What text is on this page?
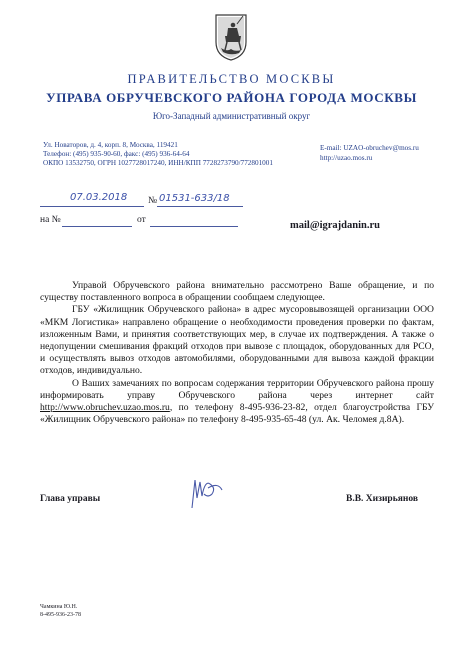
ПРАВИТЕЛЬСТВО МОСКВЫ
УПРАВА ОБРУЧЕВСКОГО РАЙОНА ГОРОДА МОСКВЫ
Юго-Западный административный округ
Ул. Новаторов, д. 4, корп. 8, Москва, 119421
Телефон: (495) 935-90-60, факс: (495) 936-64-64
ОКПО 13532750, ОГРН 1027728017240, ИНН/КПП 7728273790/772801001
E-mail: UZAO-obruchev@mos.ru
http://uzao.mos.ru
07.03.2018 № 01531-633/18
на №	от	mail@igrajdanin.ru

Управой Обручевского района внимательно рассмотрено Ваше обращение, и по существу поставленного вопроса в обращении сообщаем следующее.

ГБУ «Жилищник Обручевского района» в адрес мусоровывозящей организации ООО «МКМ Логистика» направлено обращение о необходимости проведения проверки по фактам, изложенным Вами, и принятия соответствующих мер, в случае их подтверждения. А также о недопущении смешивания фракций отходов при вывозе с площадок, оборудованных для РСО, и осуществлять вывоз отходов автомобилями, оборудованными для вывоза каждой фракции отходов, индивидуально.

О Ваших замечаниях по вопросам содержания территории Обручевского района прошу информировать управу Обручевского района через интернет сайт http://www.obruchev.uzao.mos.ru, по телефону 8-495-936-23-82, отдел благоустройства ГБУ «Жилищник Обручевского района» по телефону 8-495-935-65-48 (ул. Ак. Челомея д.8А).

Глава управы	В.В. Хизирьянов
Чамкина Ю.Н.
8-495-936-23-78
